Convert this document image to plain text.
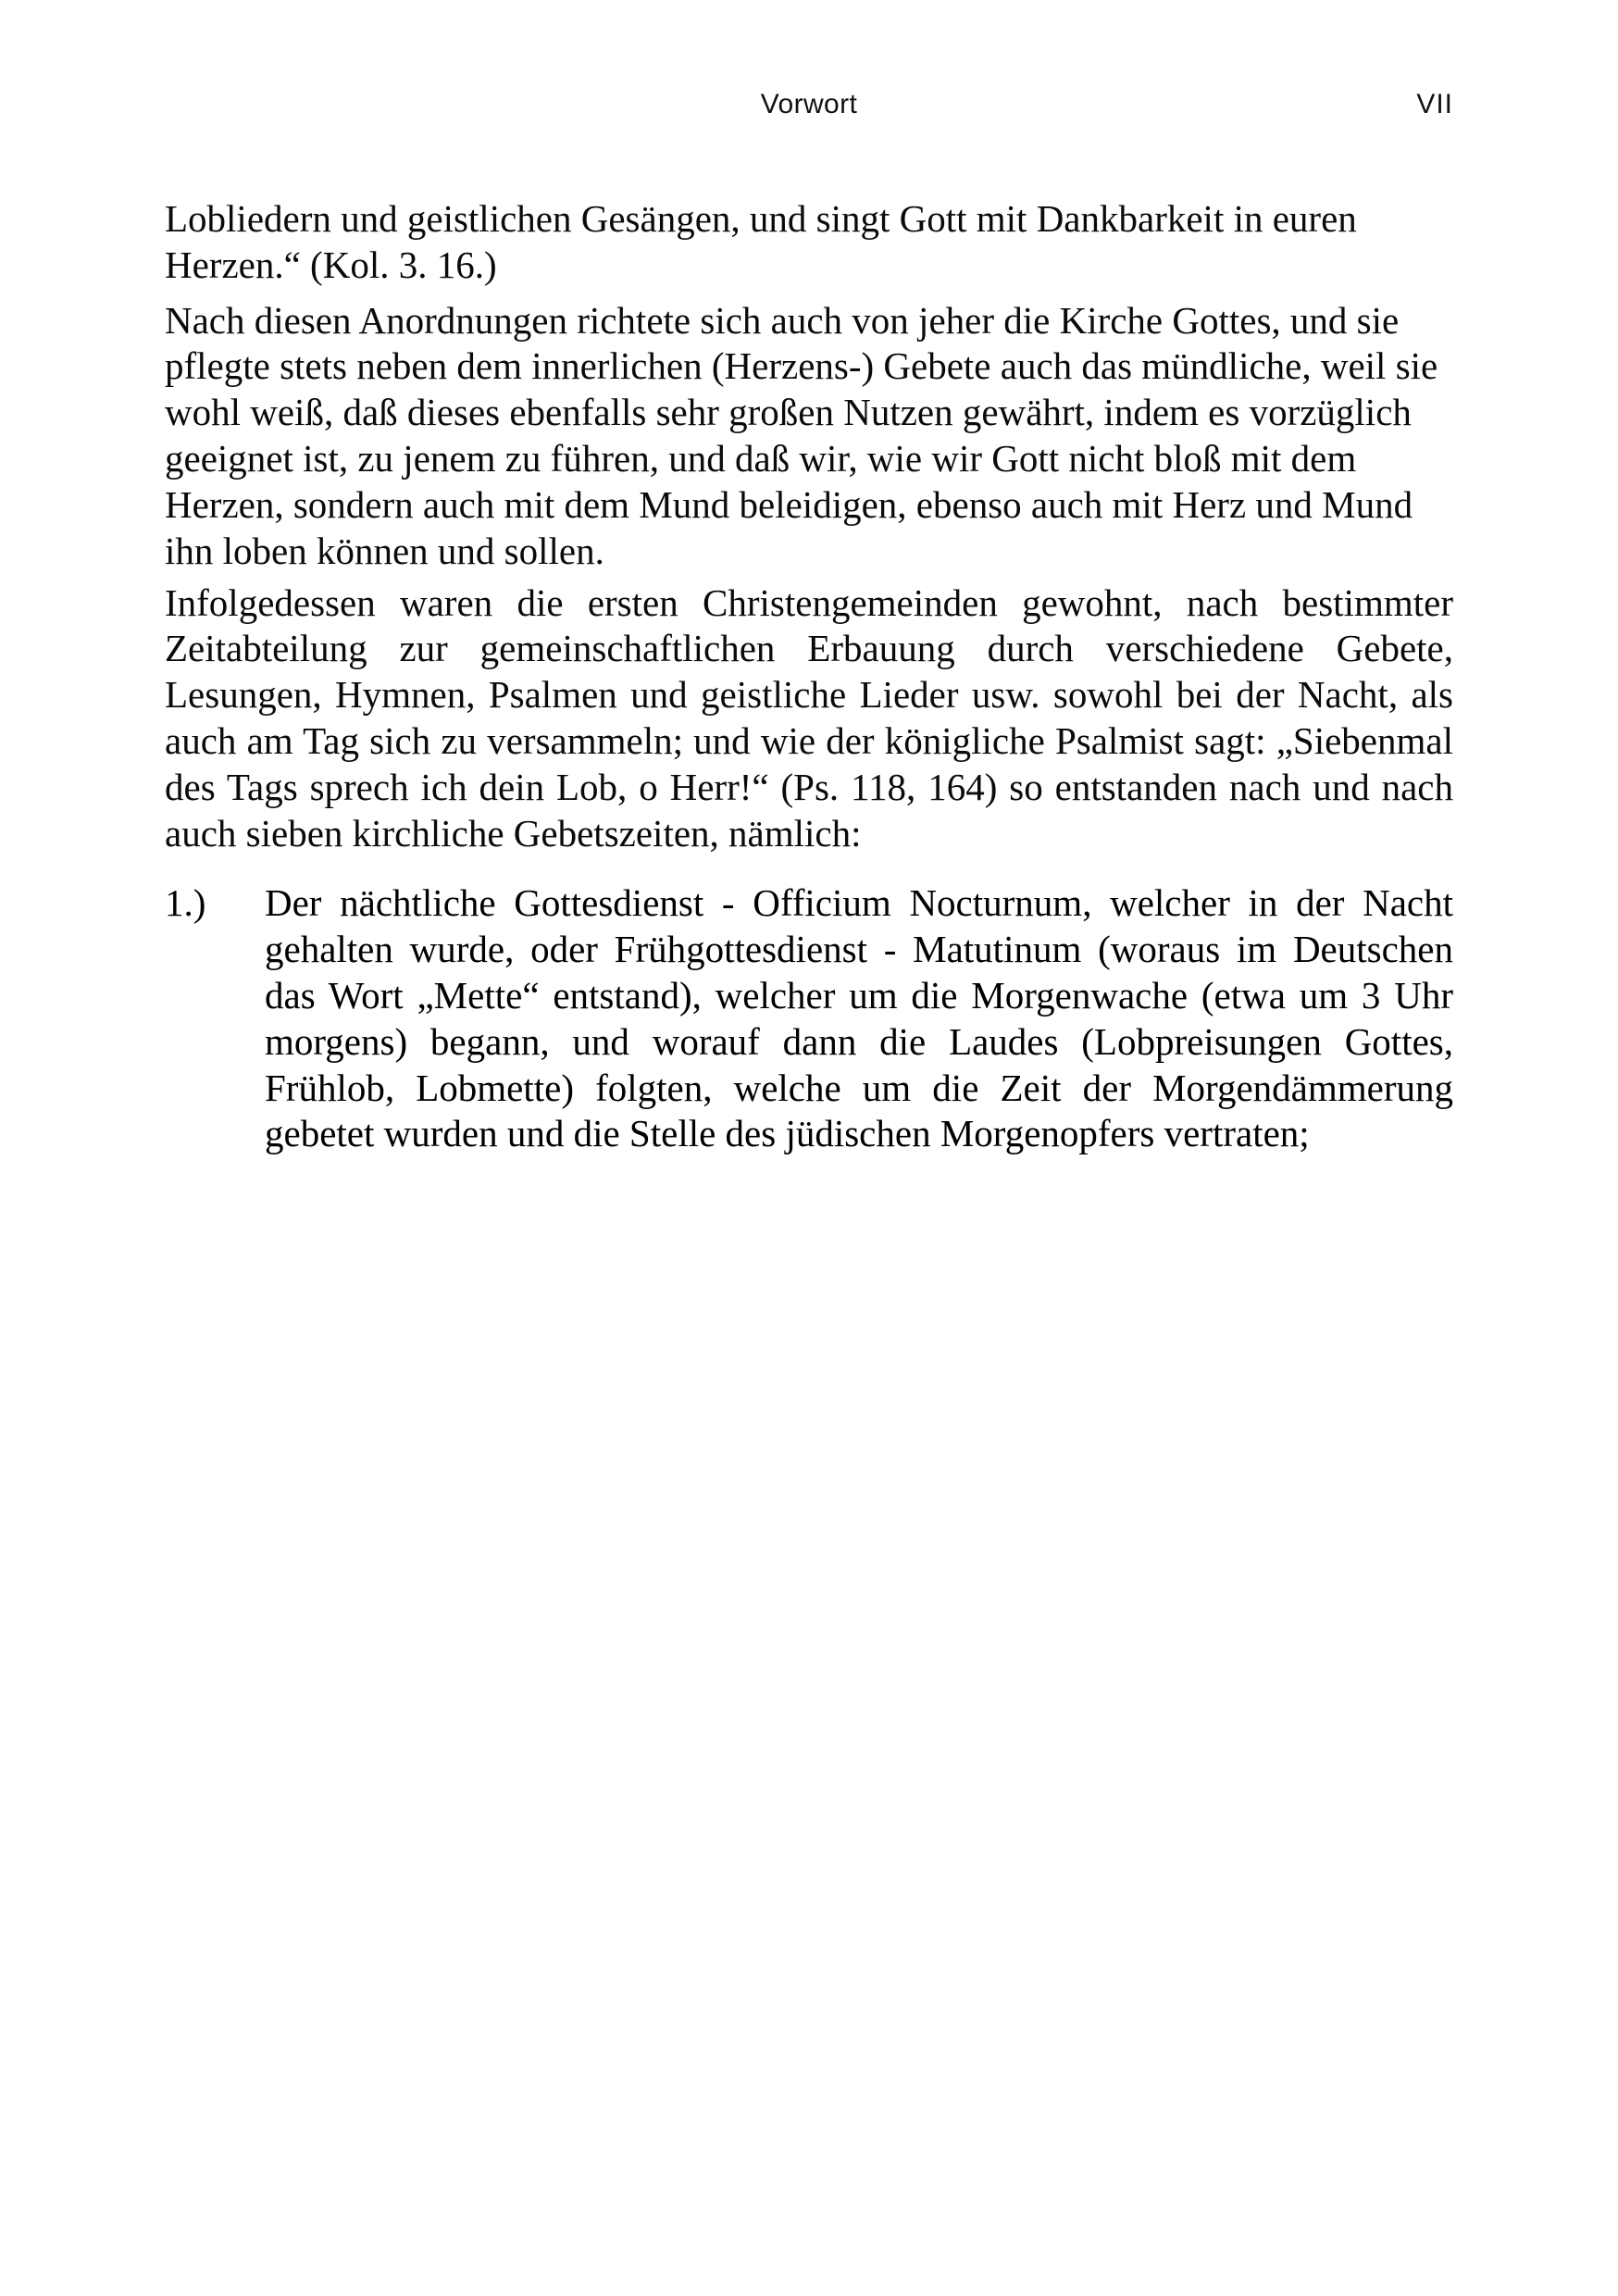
Vorwort	VII

Lobliedern und geistlichen Gesängen, und singt Gott mit Dankbarkeit in euren Herzen.“ (Kol. 3. 16.)

Nach diesen Anordnungen richtete sich auch von jeher die Kirche Gottes, und sie pflegte stets neben dem innerlichen (Herzens-) Gebete auch das mündliche, weil sie wohl weiß, daß dieses ebenfalls sehr großen Nutzen gewährt, indem es vorzüglich geeignet ist, zu jenem zu führen, und daß wir, wie wir Gott nicht bloß mit dem Herzen, sondern auch mit dem Mund beleidigen, ebenso auch mit Herz und Mund ihn loben können und sollen.

Infolgedessen waren die ersten Christengemeinden gewohnt, nach bestimmter Zeitabteilung zur gemeinschaftlichen Erbauung durch verschiedene Gebete, Lesungen, Hymnen, Psalmen und geistliche Lieder usw. sowohl bei der Nacht, als auch am Tag sich zu versammeln; und wie der königliche Psalmist sagt: „Siebenmal des Tags sprech ich dein Lob, o Herr!“ (Ps. 118, 164) so entstanden nach und nach auch sieben kirchliche Gebetszeiten, nämlich:

1.)	Der nächtliche Gottesdienst - Officium Nocturnum, welcher in der Nacht gehalten wurde, oder Frühgottesdienst - Matutinum (woraus im Deutschen das Wort „Mette“ entstand), welcher um die Morgenwache (etwa um 3 Uhr morgens) begann, und worauf dann die Laudes (Lobpreisungen Gottes, Frühlob, Lobmette) folgten, welche um die Zeit der Morgendämmerung gebetet wurden und die Stelle des jüdischen Morgenopfers vertraten;
